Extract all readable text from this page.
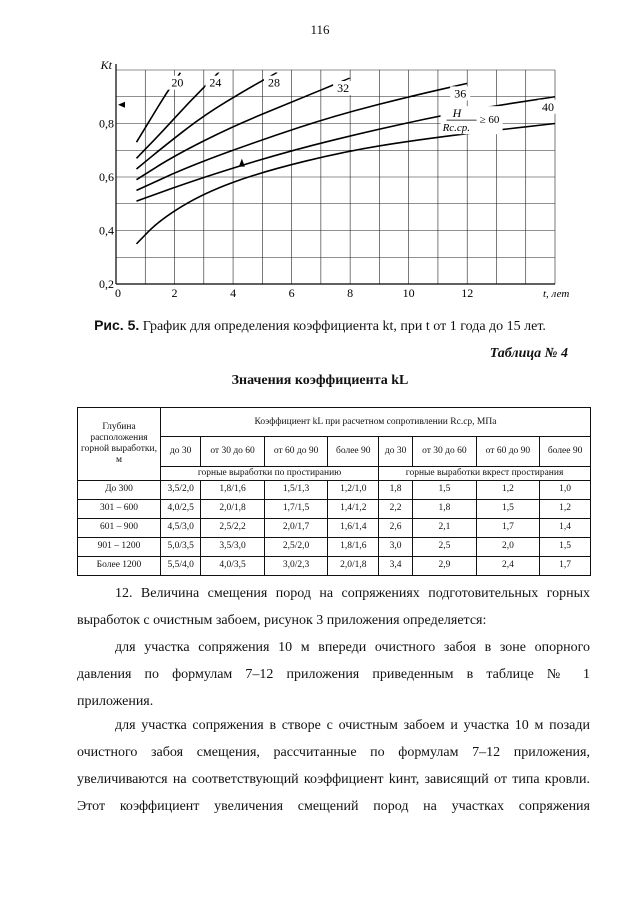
116
0	2	4	6	8	10	12
0,2
0,4
0,6
0,8
Kt
t, лет
20 24	28	32	36
40
H
Rс.ср.
≥ 60
Рис. 5. График для определения коэффициента kt, при t от 1 года до 15 лет.
Таблица № 4
Значения коэффициента kL
Глубина расположения горной выработки, м	Коэффициент kL при расчетном сопротивлении Rс.ср, МПа							
	до 30	от 30 до 60	от 60 до 90	более 90	до 30	от 30 до 60	от 60 до 90	более 90
	горные выработки по простиранию				горные выработки вкрест простирания			
До 300	3,5/2,0	1,8/1,6	1,5/1,3	1,2/1,0	1,8	1,5	1,2	1,0
301 – 600	4,0/2,5	2,0/1,8	1,7/1,5	1,4/1,2	2,2	1,8	1,5	1,2
601 – 900	4,5/3,0	2,5/2,2	2,0/1,7	1,6/1,4	2,6	2,1	1,7	1,4
901 – 1200	5,0/3,5	3,5/3,0	2,5/2,0	1,8/1,6	3,0	2,5	2,0	1,5
Более 1200	5,5/4,0	4,0/3,5	3,0/2,3	2,0/1,8	3,4	2,9	2,4	1,7
12. Величина смещения пород на сопряжениях подготовительных горных
выработок с очистным забоем, рисунок 3 приложения определяется:
для участка сопряжения 10 м впереди очистного забоя в зоне опорного
давления по формулам 7–12 приложения приведенным в таблице № 1
приложения.
для участка сопряжения в створе с очистным забоем и участка 10 м позади
очистного забоя смещения, рассчитанные по формулам 7–12 приложения,
увеличиваются на соответствующий коэффициент kинт, зависящий от типа кровли.
Этот коэффициент увеличения смещений пород на участках сопряжения
